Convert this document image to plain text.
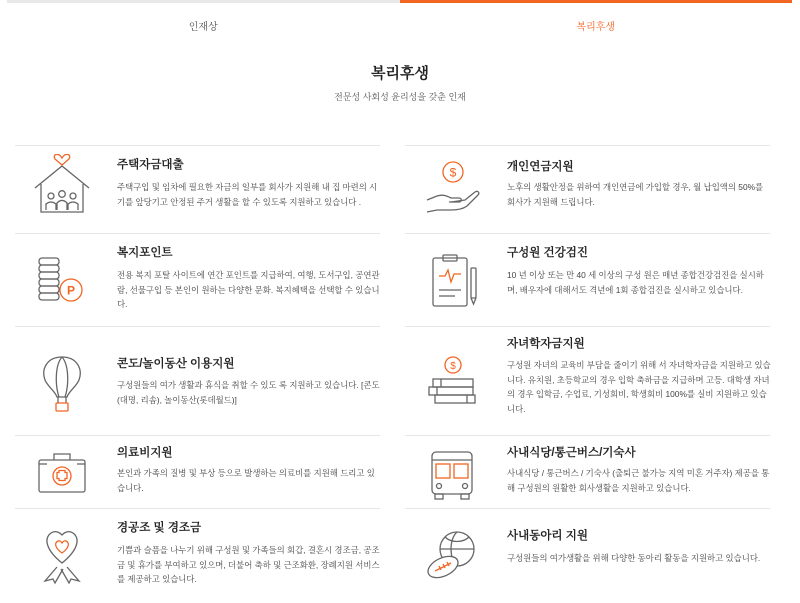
인재상	복리후생
복리후생
전문성 사회성 윤리성을 갖춘 인재
주택자금대출
주택구입 및 임차에 필요한 자금의 일부를 회사가 지원해 내 집 마련의 시기를 앞당기고 안정된 주거 생활을 할 수 있도록 지원하고 있습니다 .
P
복지포인트
전용 복지 포탈 사이트에 연간 포인트를 지급하여, 여행, 도서구입, 공연관람, 선물구입 등 본인이 원하는 다양한 문화. 복지혜택을 선택할 수 있습니다.
콘도/놀이동산 이용지원
구성원들의 여가 생활과 휴식을 취할 수 있도 록 지원하고 있습니다. [콘도 (대명, 리솜), 놀이동산(롯데월드)]
의료비지원
본인과 가족의 질병 및 부상 등으로 발생하는 의료비를 지원해 드리고 있습니다.
경공조 및 경조금
기쁨과 슬픔을 나누기 위해 구성원 및 가족들의 회갑, 결혼시 경조금, 공조금 및 휴가를 부여하고 있으며, 더불어 축하 및 근조화환, 장례지원 서비스를 제공하고 있습니다.
$	개인연금지원
노후의 생활안정을 위하여 개인연금에 가입할 경우, 월 납입액의 50%를 회사가 지원해 드립니다.
구성원 건강검진
10 년 이상 또는 만 40 세 이상의 구성 원은 매년 종합건강검진을 실시하며, 배우자에 대해서도 격년에 1회 종합검진을 실시하고 있습니다.
$
자녀학자금지원
구성원 자녀의 교육비 부담을 줄이기 위해 서 자녀학자금을 지원하고 있습니다. 유치원, 초등학교의 경우 입학 축하금을 지급하며 고등. 대학생 자녀의 경우 입학금, 수업료, 기성회비, 학생회비 100%를 실비 지원하고 있습니다.
사내식당/통근버스/기숙사
사내식당 / 통근버스 / 기숙사 (출퇴근 불가능 지역 미혼 거주자) 제공을 통해 구성원의 원활한 회사생활을 지원하고 있습니다.
사내동아리 지원
구성원들의 여가생활을 위해 다양한 동아리 활동을 지원하고 있습니다.
